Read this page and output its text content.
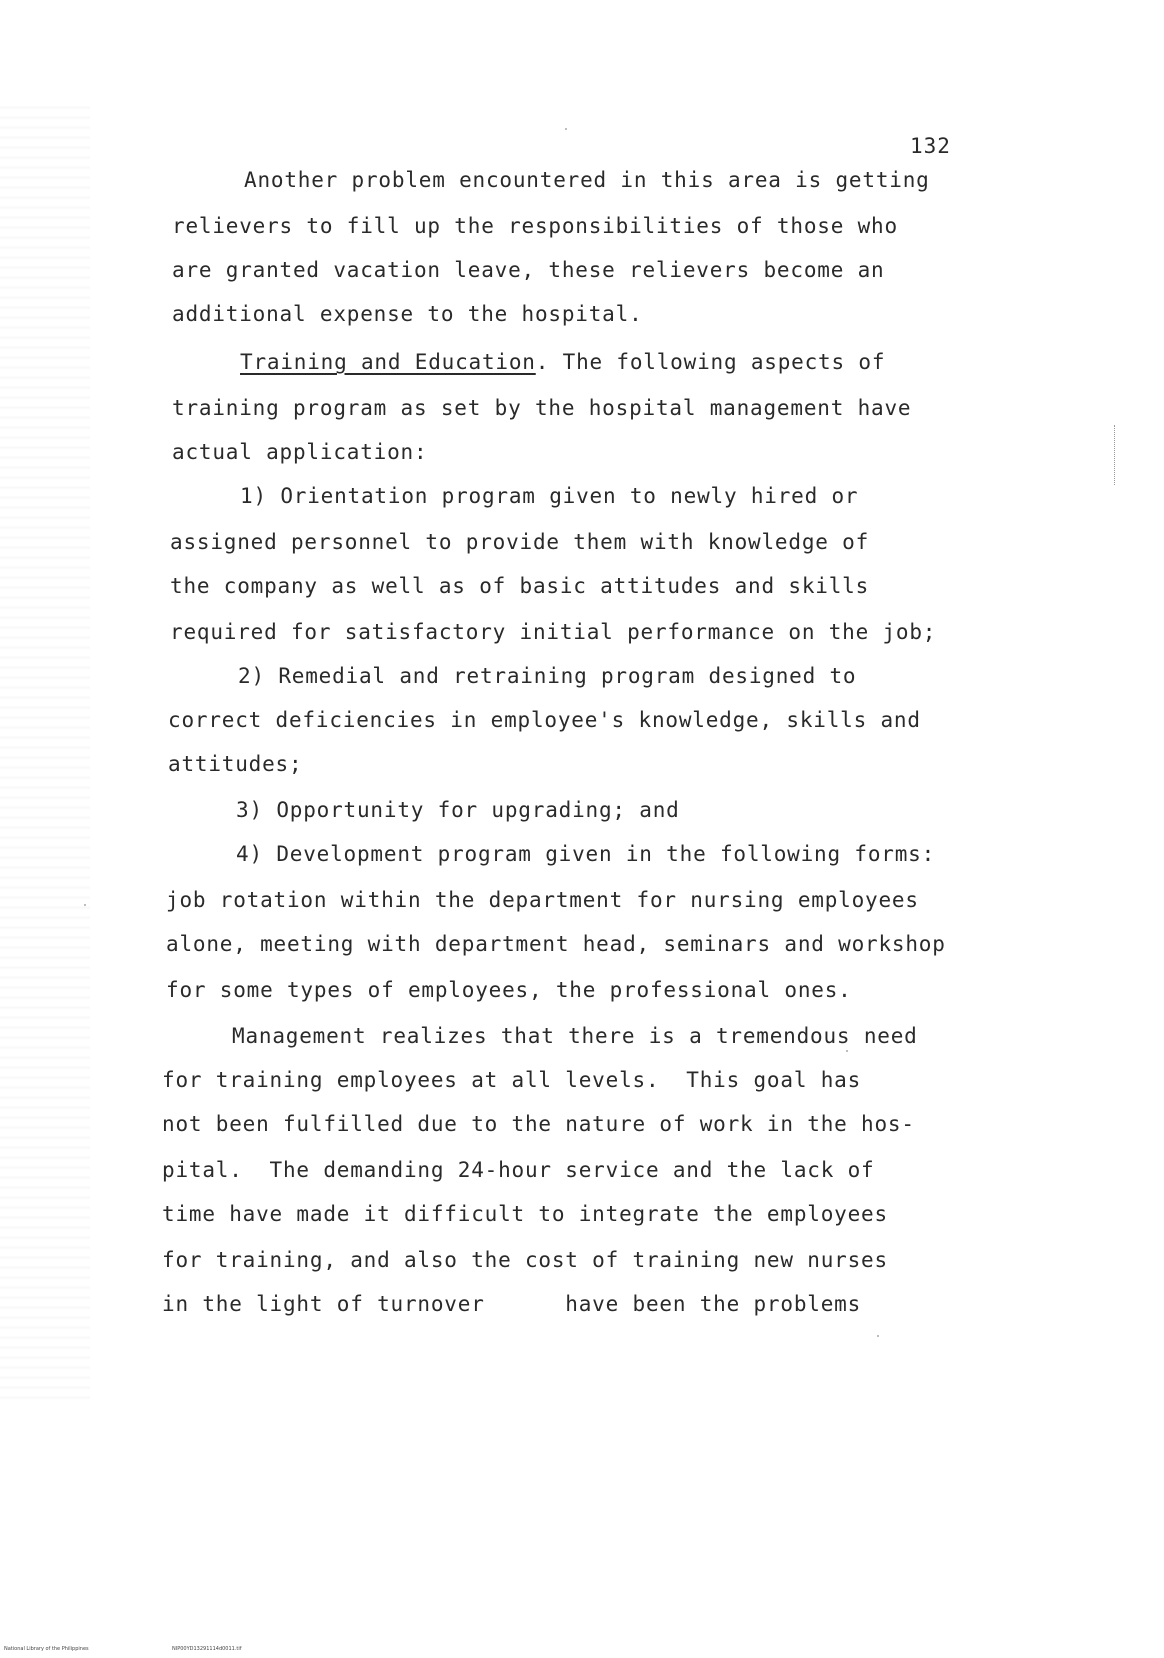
132
Another problem encountered in this area is getting
relievers to fill up the responsibilities of those who
are granted vacation leave, these relievers become an
additional expense to the hospital.
Training and Education. The following aspects of
training program as set by the hospital management have
actual application:
1) Orientation program given to newly hired or
assigned personnel to provide them with knowledge of
the company as well as of basic attitudes and skills
required for satisfactory initial performance on the job;
2) Remedial and retraining program designed to
correct deficiencies in employee's knowledge, skills and
attitudes;
3) Opportunity for upgrading; and
4) Development program given in the following forms:
job rotation within the department for nursing employees
alone, meeting with department head, seminars and workshop
for some types of employees, the professional ones.
Management realizes that there is a tremendous need
for training employees at all levels.  This goal has
not been fulfilled due to the nature of work in the hos-
pital.  The demanding 24-hour service and the lack of
time have made it difficult to integrate the employees
for training, and also the cost of training new nurses
in the light of turnover      have been the problems
National Library of the Philippines	NIP00YD13291114d0011.tif
